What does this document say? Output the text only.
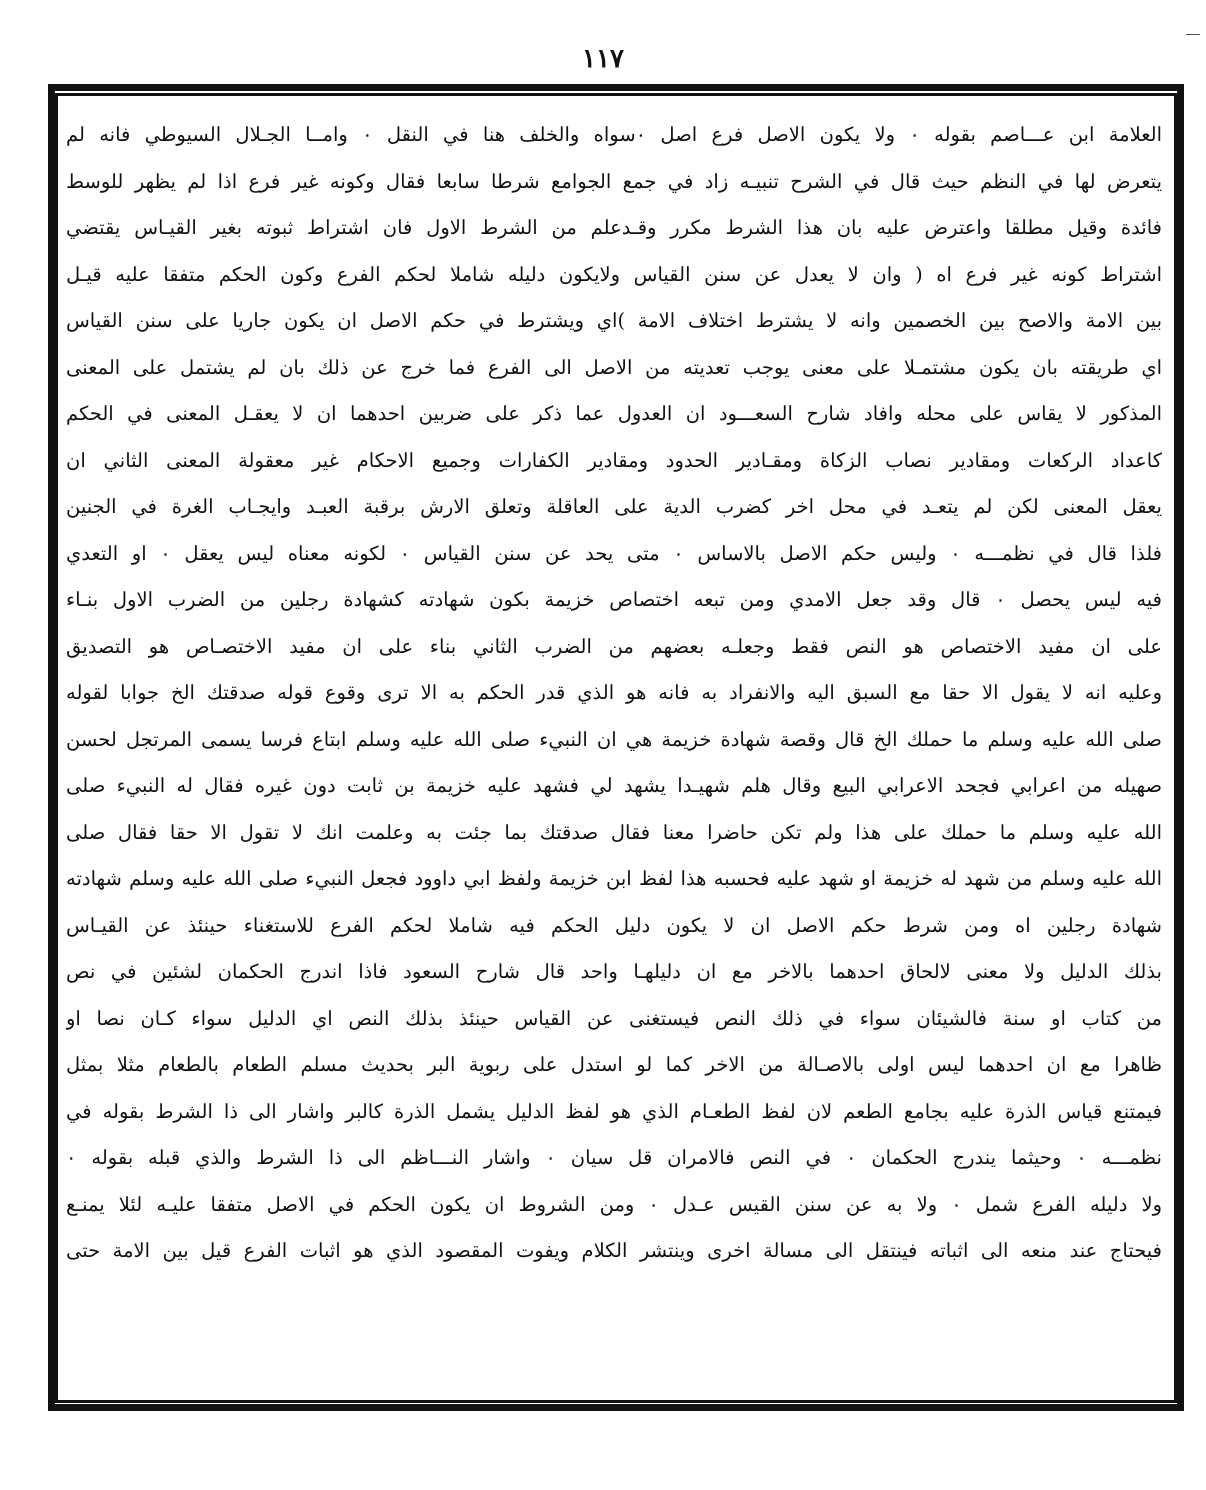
١١٧
العلامة ابن عـــاصم بقوله ٠ ولا يكون الاصل فرع اصل ٠سواه والخلف هنا في النقل ٠ وامــا الجـلال السيوطي فانه لم
يتعرض لها في النظم حيث قال في الشرح تنبيـه زاد في جمع الجوامع شرطا سابعا فقال وكونه غير فرع اذا لم يظهر للوسط
فائدة وقيل مطلقا واعترض عليه بان هذا الشرط مكرر وقـدعلم من الشرط الاول فان اشتراط ثبوته بغير القيـاس يقتضي
اشتراط كونه غير فرع اه ( وان لا يعدل عن سنن القياس ولايكون دليله شاملا لحكم الفرع وكون الحكم متفقا عليه قيـل
بين الامة والاصح بين الخصمين وانه لا يشترط اختلاف الامة )اي ويشترط في حكم الاصل ان يكون جاريا على سنن القياس
اي طريقته بان يكون مشتمـلا على معنى يوجب تعديته من الاصل الى الفرع فما خرج عن ذلك بان لم يشتمل على المعنى
المذكور لا يقاس على محله وافاد شارح السعـــود ان العدول عما ذكر على ضربين احدهما ان لا يعقـل المعنى في الحكم
كاعداد الركعات ومقادير نصاب الزكاة ومقـادير الحدود ومقادير الكفارات وجميع الاحكام غير معقولة المعنى الثاني ان
يعقل المعنى لكن لم يتعـد في محل اخر كضرب الدية على العاقلة وتعلق الارش برقبة العبـد وايجـاب الغرة في الجنين
فلذا قال في نظمـــه ٠ وليس حكم الاصل بالاساس ٠ متى يحد عن سنن القياس ٠ لكونه معناه ليس يعقل ٠ او التعدي
فيه ليس يحصل ٠ قال وقد جعل الامدي ومن تبعه اختصاص خزيمة بكون شهادته كشهادة رجلين من الضرب الاول بنـاء
على ان مفيد الاختصاص هو النص فقط وجعلـه بعضهم من الضرب الثاني بناء على ان مفيد الاختصـاص هو التصديق
وعليه انه لا يقول الا حقا مع السبق اليه والانفراد به فانه هو الذي قدر الحكم به الا ترى وقوع قوله صدقتك الخ جوابا لقوله
صلى الله عليه وسلم ما حملك الخ قال وقصة شهادة خزيمة هي ان النبيء صلى الله عليه وسلم ابتاع فرسا يسمى المرتجل لحسن
صهيله من اعرابي فجحد الاعرابي البيع وقال هلم شهيـدا يشهد لي فشهد عليه خزيمة بن ثابت دون غيره فقال له النبيء صلى
الله عليه وسلم ما حملك على هذا ولم تكن حاضرا معنا فقال صدقتك بما جئت به وعلمت انك لا تقول الا حقا فقال صلى
الله عليه وسلم من شهد له خزيمة او شهد عليه فحسبه هذا لفظ ابن خزيمة ولفظ ابي داوود فجعل النبيء صلى الله عليه وسلم شهادته
شهادة رجلين اه ومن شرط حكم الاصل ان لا يكون دليل الحكم فيه شاملا لحكم الفرع للاستغناء حينئذ عن القيـاس
بذلك الدليل ولا معنى لالحاق احدهما بالاخر مع ان دليلهـا واحد قال شارح السعود فاذا اندرج الحكمان لشئين في نص
من كتاب او سنة فالشيئان سواء في ذلك النص فيستغنى عن القياس حينئذ بذلك النص اي الدليل سواء كـان نصا او
ظاهرا مع ان احدهما ليس اولى بالاصـالة من الاخر كما لو استدل على ربوية البر بحديث مسلم الطعام بالطعام مثلا بمثل
فيمتنع قياس الذرة عليه بجامع الطعم لان لفظ الطعـام الذي هو لفظ الدليل يشمل الذرة كالبر واشار الى ذا الشرط بقوله في
نظمـــه ٠ وحيثما يندرج الحكمان ٠ في النص فالامران قل سيان ٠ واشار النـــاظم الى ذا الشرط والذي قبله بقوله ٠
ولا دليله الفرع شمل ٠ ولا به عن سنن القيس عـدل ٠ ومن الشروط ان يكون الحكم في الاصل متفقا عليـه لئلا يمنـع
فيحتاج عند منعه الى اثباته فينتقل الى مسالة اخرى وينتشر الكلام ويفوت المقصود الذي هو اثبات الفرع قيل بين الامة حتى
